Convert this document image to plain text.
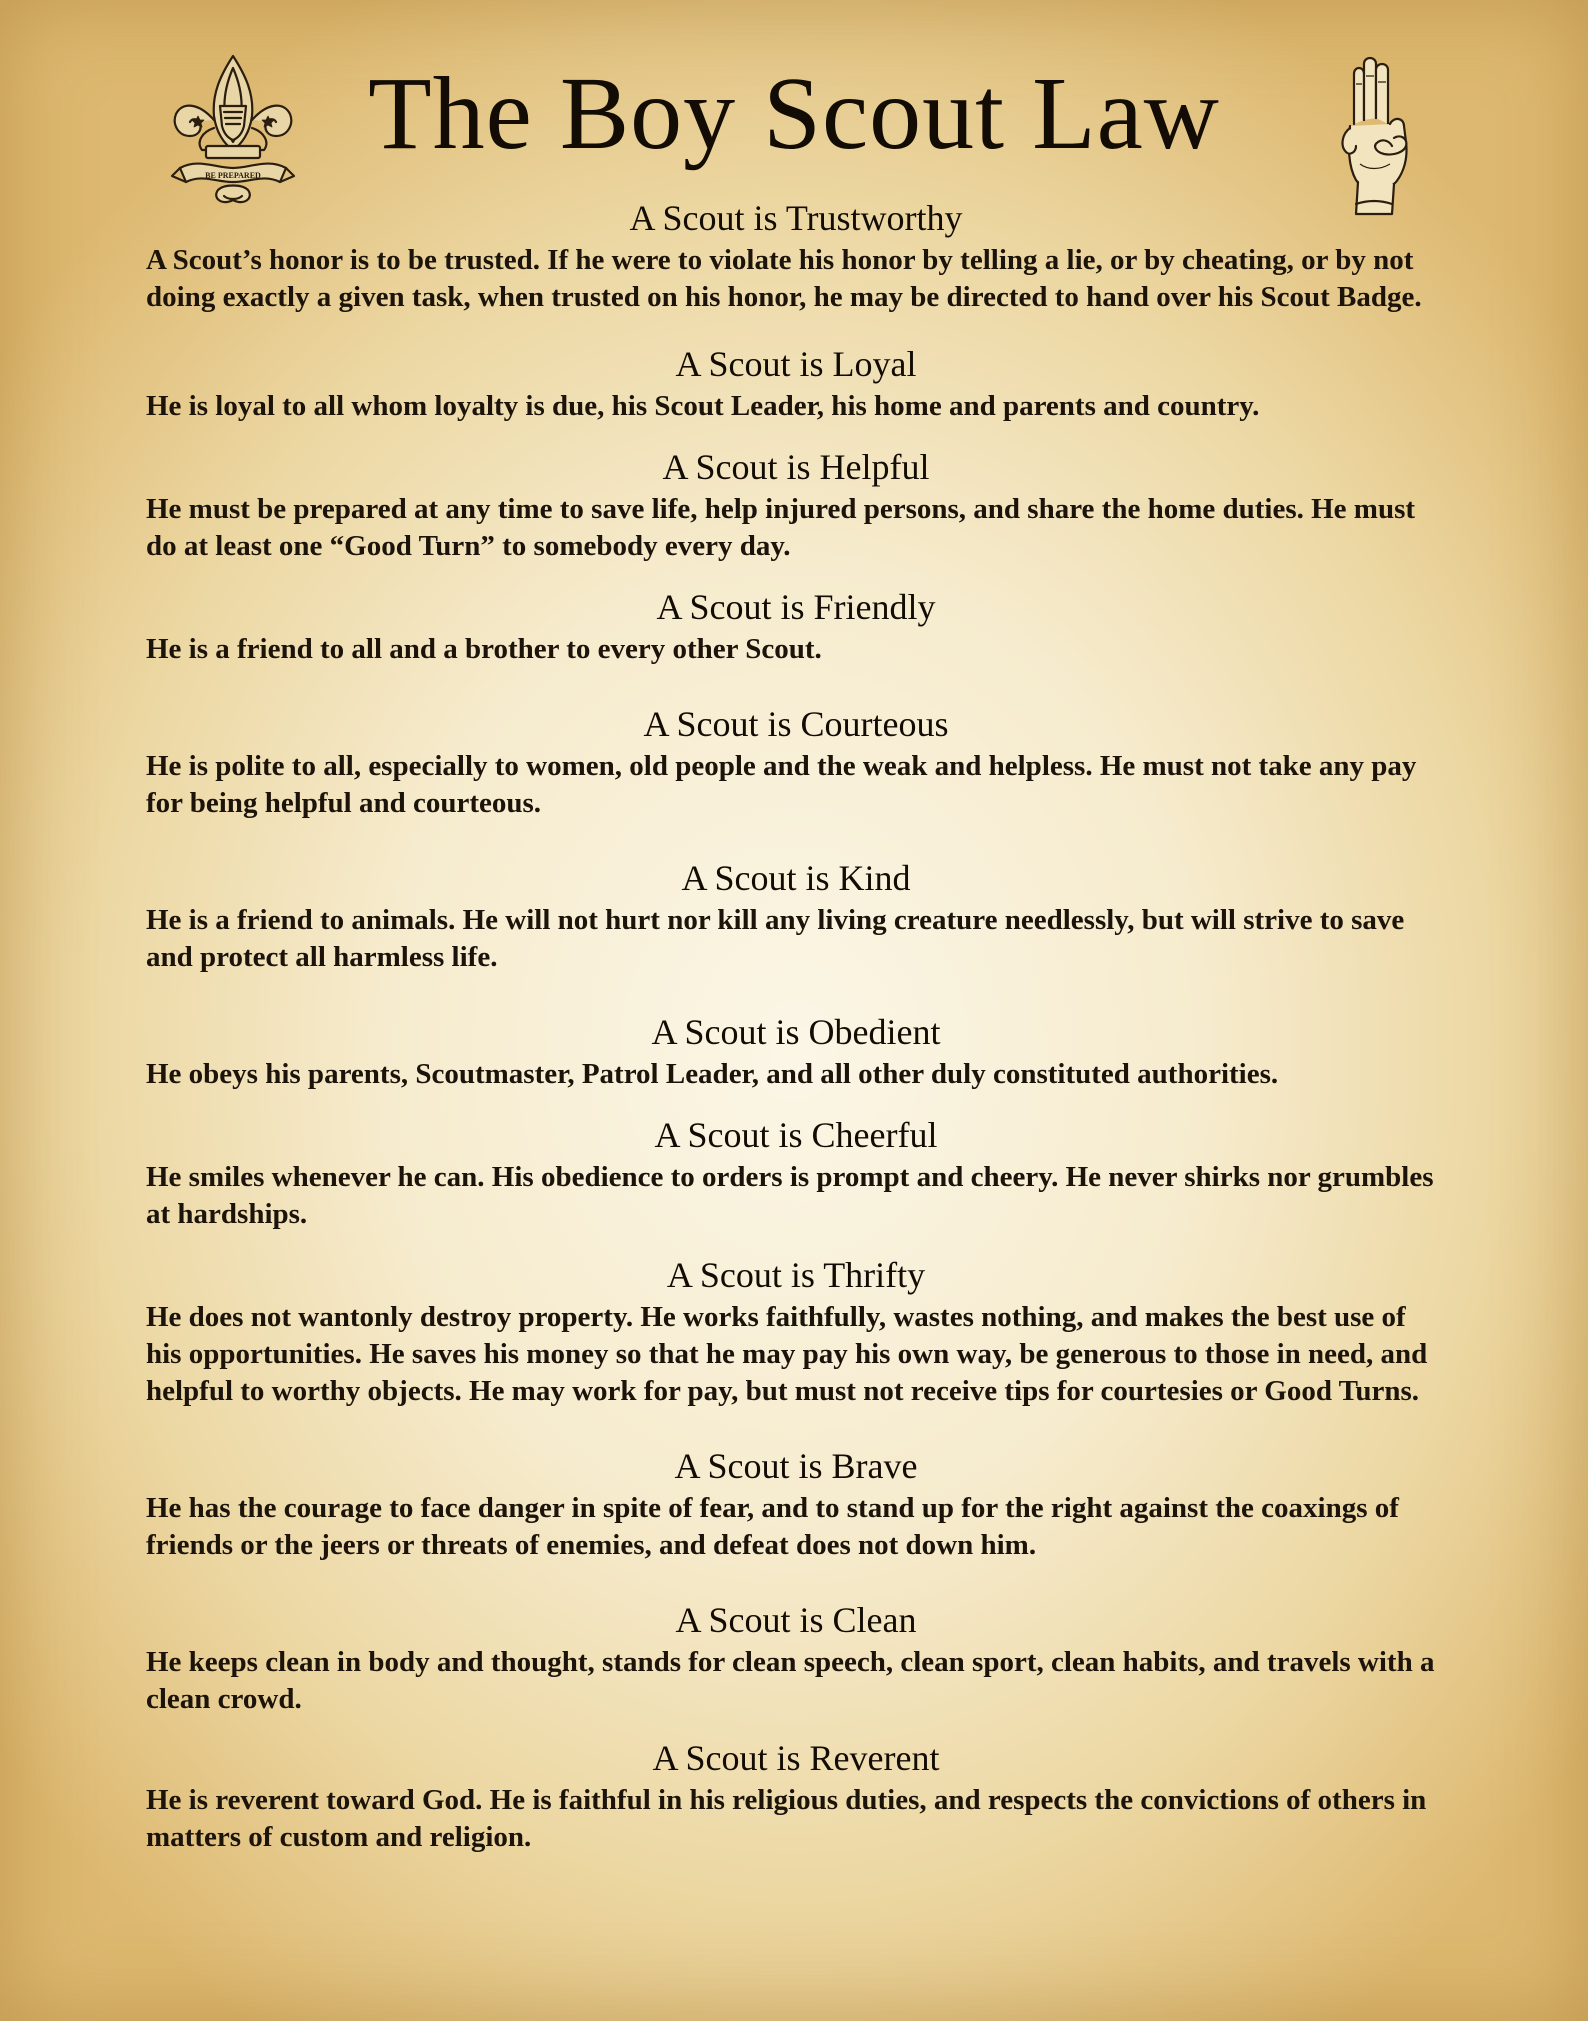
BE PREPARED
The Boy Scout Law
A Scout is Trustworthy

A Scout’s honor is to be trusted. If he were to violate his honor by telling a lie, or by cheating, or by not doing exactly a given task, when trusted on his honor, he may be directed to hand over his Scout Badge.

A Scout is Loyal

He is loyal to all whom loyalty is due, his Scout Leader, his home and parents and country.

A Scout is Helpful

He must be prepared at any time to save life, help injured persons, and share the home duties. He must do at least one “Good Turn” to somebody every day.

A Scout is Friendly

He is a friend to all and a brother to every other Scout.

A Scout is Courteous

He is polite to all, especially to women, old people and the weak and helpless. He must not take any pay for being helpful and courteous.

A Scout is Kind

He is a friend to animals. He will not hurt nor kill any living creature needlessly, but will strive to save and protect all harmless life.

A Scout is Obedient

He obeys his parents, Scoutmaster, Patrol Leader, and all other duly constituted authorities.

A Scout is Cheerful

He smiles whenever he can. His obedience to orders is prompt and cheery. He never shirks nor grumbles at hardships.

A Scout is Thrifty

He does not wantonly destroy property. He works faithfully, wastes nothing, and makes the best use of his opportunities. He saves his money so that he may pay his own way, be generous to those in need, and helpful to worthy objects. He may work for pay, but must not receive tips for courtesies or Good Turns.

A Scout is Brave

He has the courage to face danger in spite of fear, and to stand up for the right against the coaxings of friends or the jeers or threats of enemies, and defeat does not down him.

A Scout is Clean

He keeps clean in body and thought, stands for clean speech, clean sport, clean habits, and travels with a clean crowd.

A Scout is Reverent

He is reverent toward God. He is faithful in his religious duties, and respects the convictions of others in matters of custom and religion.
